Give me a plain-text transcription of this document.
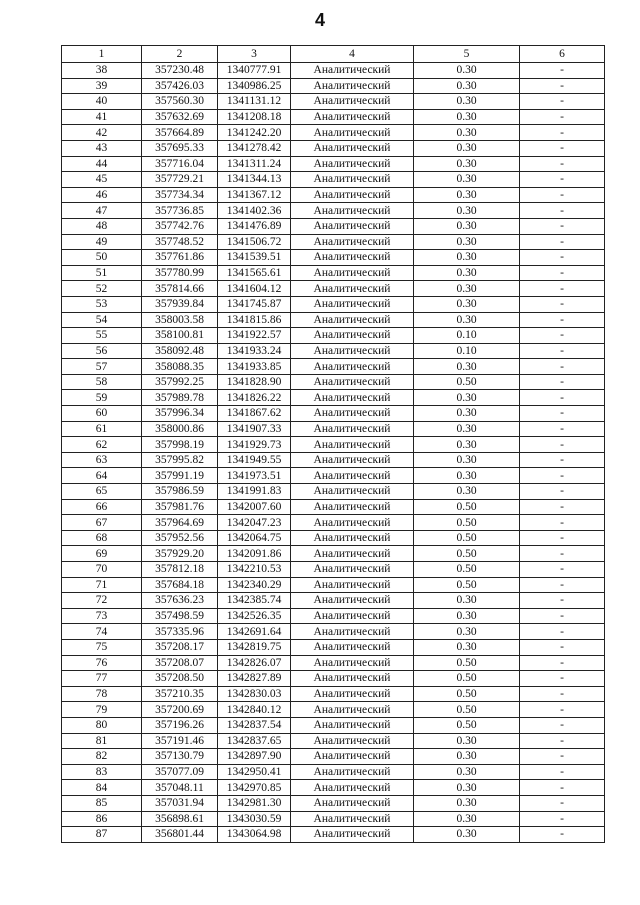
4
1	2	3	4	5	6
38	357230.48	1340777.91	Аналитический	0.30	-
39	357426.03	1340986.25	Аналитический	0.30	-
40	357560.30	1341131.12	Аналитический	0.30	-
41	357632.69	1341208.18	Аналитический	0.30	-
42	357664.89	1341242.20	Аналитический	0.30	-
43	357695.33	1341278.42	Аналитический	0.30	-
44	357716.04	1341311.24	Аналитический	0.30	-
45	357729.21	1341344.13	Аналитический	0.30	-
46	357734.34	1341367.12	Аналитический	0.30	-
47	357736.85	1341402.36	Аналитический	0.30	-
48	357742.76	1341476.89	Аналитический	0.30	-
49	357748.52	1341506.72	Аналитический	0.30	-
50	357761.86	1341539.51	Аналитический	0.30	-
51	357780.99	1341565.61	Аналитический	0.30	-
52	357814.66	1341604.12	Аналитический	0.30	-
53	357939.84	1341745.87	Аналитический	0.30	-
54	358003.58	1341815.86	Аналитический	0.30	-
55	358100.81	1341922.57	Аналитический	0.10	-
56	358092.48	1341933.24	Аналитический	0.10	-
57	358088.35	1341933.85	Аналитический	0.30	-
58	357992.25	1341828.90	Аналитический	0.50	-
59	357989.78	1341826.22	Аналитический	0.30	-
60	357996.34	1341867.62	Аналитический	0.30	-
61	358000.86	1341907.33	Аналитический	0.30	-
62	357998.19	1341929.73	Аналитический	0.30	-
63	357995.82	1341949.55	Аналитический	0.30	-
64	357991.19	1341973.51	Аналитический	0.30	-
65	357986.59	1341991.83	Аналитический	0.30	-
66	357981.76	1342007.60	Аналитический	0.50	-
67	357964.69	1342047.23	Аналитический	0.50	-
68	357952.56	1342064.75	Аналитический	0.50	-
69	357929.20	1342091.86	Аналитический	0.50	-
70	357812.18	1342210.53	Аналитический	0.50	-
71	357684.18	1342340.29	Аналитический	0.50	-
72	357636.23	1342385.74	Аналитический	0.30	-
73	357498.59	1342526.35	Аналитический	0.30	-
74	357335.96	1342691.64	Аналитический	0.30	-
75	357208.17	1342819.75	Аналитический	0.30	-
76	357208.07	1342826.07	Аналитический	0.50	-
77	357208.50	1342827.89	Аналитический	0.50	-
78	357210.35	1342830.03	Аналитический	0.50	-
79	357200.69	1342840.12	Аналитический	0.50	-
80	357196.26	1342837.54	Аналитический	0.50	-
81	357191.46	1342837.65	Аналитический	0.30	-
82	357130.79	1342897.90	Аналитический	0.30	-
83	357077.09	1342950.41	Аналитический	0.30	-
84	357048.11	1342970.85	Аналитический	0.30	-
85	357031.94	1342981.30	Аналитический	0.30	-
86	356898.61	1343030.59	Аналитический	0.30	-
87	356801.44	1343064.98	Аналитический	0.30	-
